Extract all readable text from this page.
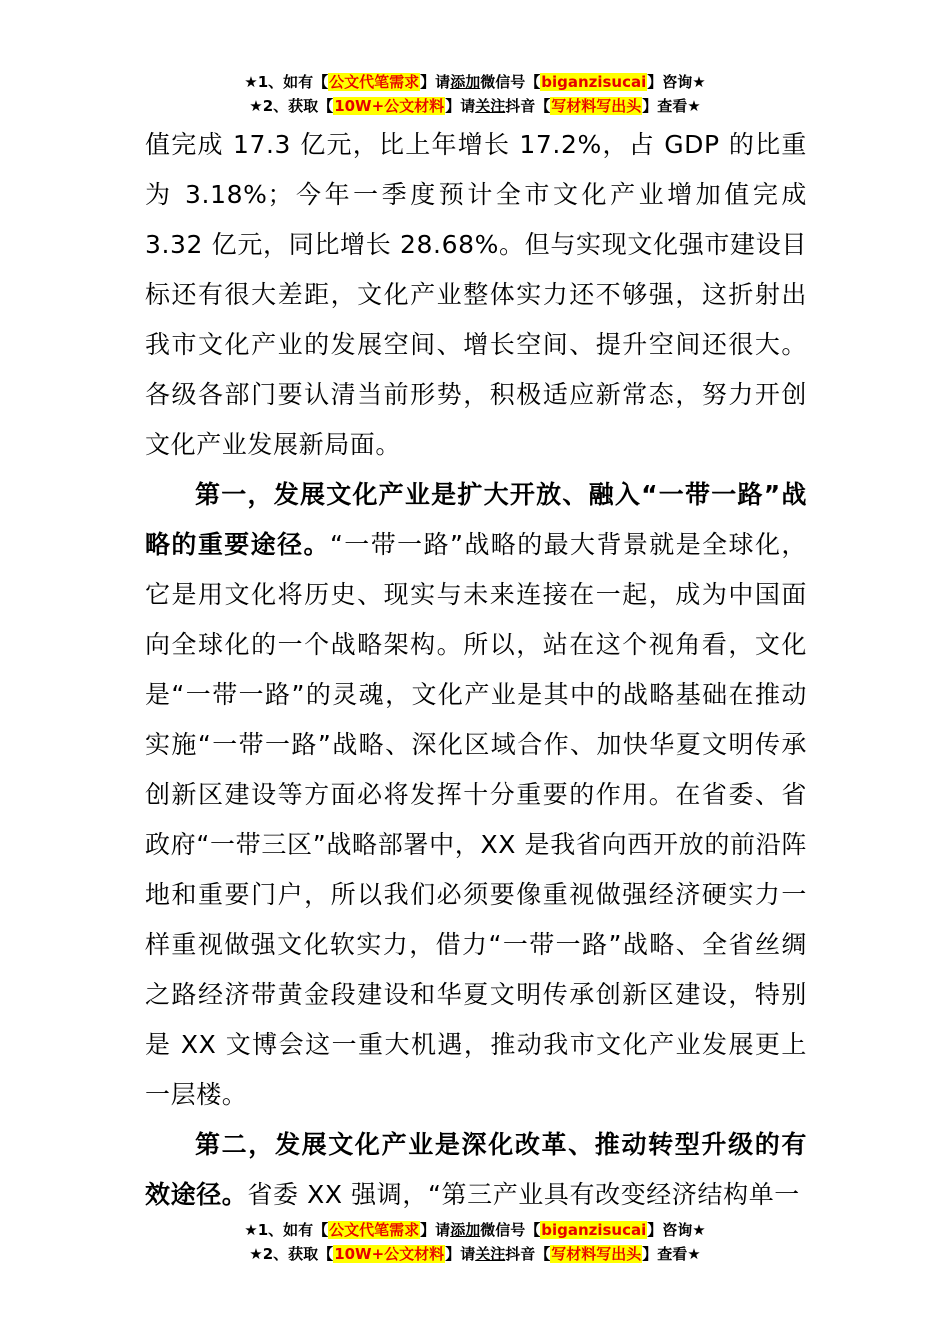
★1、如有【公文代笔需求】请添加微信号【biganzisucai】咨询★
★2、获取【10W+公文材料】请关注抖音【写材料写出头】查看★

值完成 17.3 亿元，比上年增长 17.2%，占 GDP 的比重为 3.18%；今年一季度预计全市文化产业增加值完成 3.32 亿元，同比增长 28.68%。但与实现文化强市建设目标还有很大差距，文化产业整体实力还不够强，这折射出我市文化产业的发展空间、增长空间、提升空间还很大。各级各部门要认清当前形势，积极适应新常态，努力开创文化产业发展新局面。

第一，发展文化产业是扩大开放、融入“一带一路”战略的重要途径。“一带一路”战略的最大背景就是全球化，它是用文化将历史、现实与未来连接在一起，成为中国面向全球化的一个战略架构。所以，站在这个视角看，文化是“一带一路”的灵魂，文化产业是其中的战略基础在推动实施“一带一路”战略、深化区域合作、加快华夏文明传承创新区建设等方面必将发挥十分重要的作用。在省委、省政府“一带三区”战略部署中，XX 是我省向西开放的前沿阵地和重要门户，所以我们必须要像重视做强经济硬实力一样重视做强文化软实力，借力“一带一路”战略、全省丝绸之路经济带黄金段建设和华夏文明传承创新区建设，特别是 XX 文博会这一重大机遇，推动我市文化产业发展更上一层楼。

第二，发展文化产业是深化改革、推动转型升级的有效途径。省委 XX 强调，“第三产业具有改变经济结构单一

★1、如有【公文代笔需求】请添加微信号【biganzisucai】咨询★
★2、获取【10W+公文材料】请关注抖音【写材料写出头】查看★
